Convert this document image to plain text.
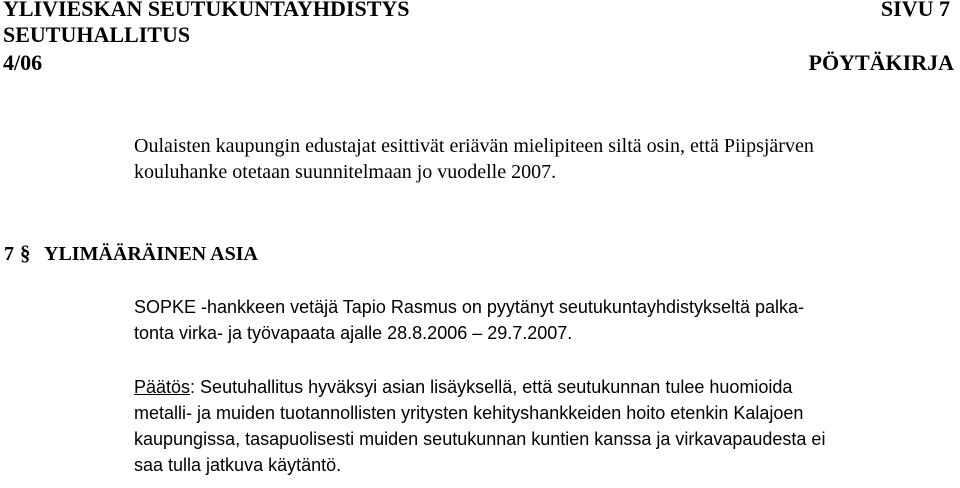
YLIVIESKAN SEUTUKUNTAYHDISTYS	SIVU 7
SEUTUHALLITUS
4/06	PÖYTÄKIRJA
Oulaisten kaupungin edustajat esittivät eriävän mielipiteen siltä osin, että Piipsjärven
kouluhanke otetaan suunnitelmaan jo vuodelle 2007.
7 § YLIMÄÄRÄINEN ASIA
SOPKE -hankkeen vetäjä Tapio Rasmus on pyytänyt seutukuntayhdistykseltä palka-
tonta virka- ja työvapaata ajalle 28.8.2006 – 29.7.2007.
Päätös: Seutuhallitus hyväksyi asian lisäyksellä, että seutukunnan tulee huomioida
metalli- ja muiden tuotannollisten yritysten kehityshankkeiden hoito etenkin Kalajoen
kaupungissa, tasapuolisesti muiden seutukunnan kuntien kanssa ja virkavapaudesta ei
saa tulla jatkuva käytäntö.
